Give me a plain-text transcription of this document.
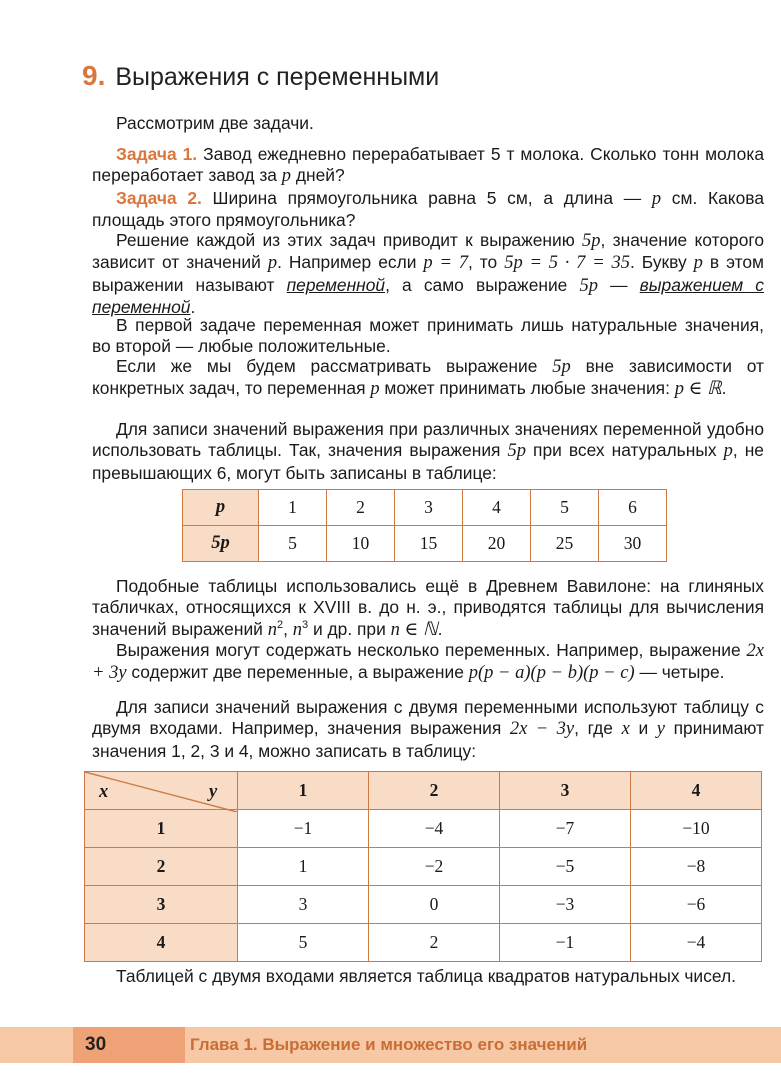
9. Выражения с переменными

Рассмотрим две задачи.

Задача 1. Завод ежедневно перерабатывает 5 т молока. Сколько тонн молока переработает завод за p дней?

Задача 2. Ширина прямоугольника равна 5 см, а длина — p см. Какова площадь этого прямоугольника?

Решение каждой из этих задач приводит к выражению 5p, значение которого зависит от значений p. Например если p = 7, то 5p = 5 · 7 = 35. Букву p в этом выражении называют переменной, а само выражение 5p — выражением с переменной.

В первой задаче переменная может принимать лишь натуральные значения, во второй — любые положительные.

Если же мы будем рассматривать выражение 5p вне зависимости от конкретных задач, то переменная p может принимать любые значения: p ∈ ℝ.

Для записи значений выражения при различных значениях переменной удобно использовать таблицы. Так, значения выражения 5p при всех натуральных p, не превышающих 6, могут быть записаны в таблице:

p	1	2	3	4	5	6
5p	5	10	15	20	25	30

Подобные таблицы использовались ещё в Древнем Вавилоне: на глиняных табличках, относящихся к XVIII в. до н. э., приводятся таблицы для вычисления значений выражений $n^2$, $n^3$ и др. при n ∈ ℕ.

Выражения могут содержать несколько переменных. Например, выражение 2x + 3y содержит две переменные, а выражение p(p − a)(p − b)(p − c) — четыре.

Для записи значений выражения с двумя переменными используют таблицу с двумя входами. Например, значения выражения 2x − 3y, где x и y принимают значения 1, 2, 3 и 4, можно записать в таблицу:

x y	1	2	3	4
1	−1	−4	−7	−10
2	1	−2	−5	−8
3	3	0	−3	−6
4	5	2	−1	−4

Таблицей с двумя входами является таблица квадратов натуральных чисел.

30	Глава 1. Выражение и множество его значений
